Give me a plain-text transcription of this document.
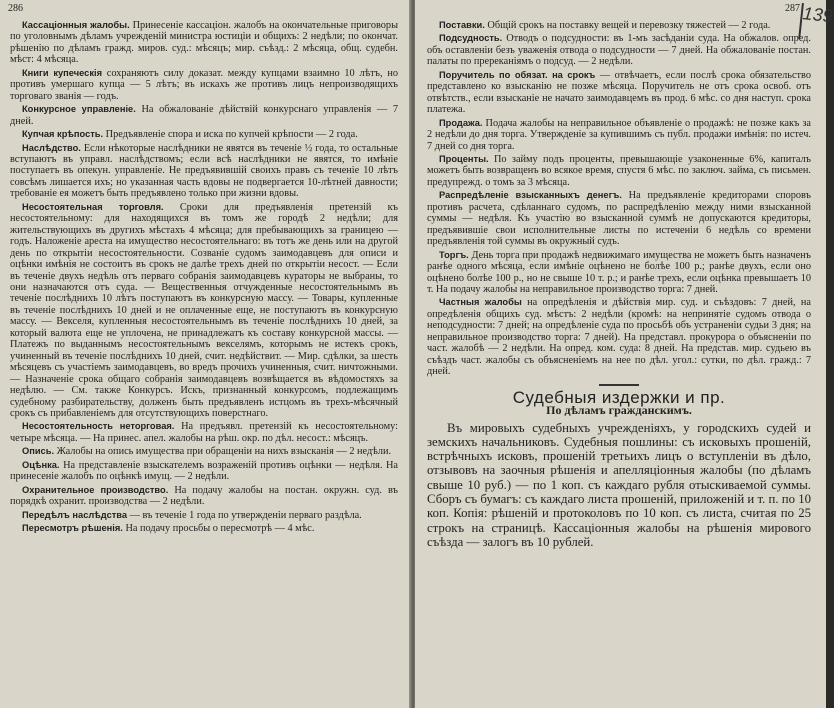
286

Кассаціонныя жалобы. Принесеніе кассаціон. жалобъ на окончательные приговоры по уголовнымъ дѣламъ учрежденій министра юстиціи и общихъ: 2 недѣли; по окончат. рѣшенію по дѣламъ гражд. миров. суд.: мѣсяцъ; мир. съѣзд.: 2 мѣсяца, общ. судебн. мѣст: 4 мѣсяца.

Книги купеческія сохраняютъ силу доказат. между купцами взаимно 10 лѣтъ, но противъ умершаго купца — 5 лѣтъ; въ искахъ же противъ лицъ непроизводящихъ торговаго званія — годъ.

Конкурсное управленіе. На обжалованіе дѣйствій конкурснаго управленія — 7 дней.

Купчая крѣпость. Предъявленіе спора и иска по купчей крѣпости — 2 года.

Наслѣдство. Если нѣкоторые наслѣдники не явятся въ теченіе ½ года, то остальные вступаютъ въ управл. наслѣдствомъ; если всѣ наслѣдники не явятся, то имѣніе поступаетъ въ опекун. управленіе. Не предъявившій своихъ правъ съ теченіе 10 лѣтъ совсѣмъ лишается ихъ; но указанная часть вдовы не подвергается 10-лѣтней давности; требованіе ея можетъ быть предъявлено только при жизни вдовы.

Несостоятельная торговля. Сроки для предъявленія претензій къ несостоятельному: для находящихся въ томъ же городѣ 2 недѣли; для жительствующихъ въ другихъ мѣстахъ 4 мѣсяца; для пребывающихъ за границею — годъ. Наложеніе ареста на имущество несостоятельнаго: въ тотъ же день или на другой день по открытіи несостоятельности. Созваніе судомъ заимодавцевъ для описи и оцѣнки имѣнія не состоитъ въ срокъ не далѣе трехъ дней по открытіи несост. — Если въ теченіе двухъ недѣль отъ перваго собранія заимодавцевъ кураторы не выбраны, то они назначаются отъ суда. — Вещественныя отчужденные несостоятельнымъ въ теченіе послѣднихъ 10 лѣтъ поступаютъ въ конкурсную массу. — Товары, купленные въ теченіе послѣднихъ 10 дней и не оплаченные еще, не поступаютъ въ конкурсную массу. — Векселя, купленныя несостоятельнымъ въ теченіе послѣднихъ 10 дней, за который валюта еще не уплочена, не принадлежатъ къ составу конкурсной массы. — Платежъ по выданнымъ несостоятельнымъ векселямъ, которымъ не истекъ срокъ, учиненный въ теченіе послѣднихъ 10 дней, счит. недѣйствит. — Мир. сдѣлки, за шесть мѣсяцевъ съ участіемъ заимодавцевъ, во вредъ прочихъ учиненныя, счит. ничтожными. — Назначеніе срока общаго собранія заимодавцевъ возвѣщается въ вѣдомостяхъ за недѣлю. — См. также Конкурсъ. Искъ, признанный конкурсомъ, подлежащимъ судебному разбирательству, долженъ быть предъявленъ истцомъ въ трехъ-мѣсячный срокъ съ прибавленіемъ для отсутствующихъ поверстнаго.

Несостоятельность неторговая. На предъявл. претензій къ несостоятельному: четыре мѣсяца. — На принес. апел. жалобы на рѣш. окр. по дѣл. несост.: мѣсяцъ.

Опись. Жалобы на опись имущества при обращеніи на нихъ взысканія — 2 недѣли.

Оцѣнка. На представленіе взыскателемъ возраженій противъ оцѣнки — недѣля. На принесеніе жалобъ по оцѣнкѣ имущ. — 2 недѣли.

Охранительное производство. На подачу жалобы на постан. окружн. суд. въ порядкѣ охранит. производства — 2 недѣли.

Передѣлъ наслѣдства — въ теченіе 1 года по утвержденіи перваго раздѣла.

Пересмотръ рѣшенія. На подачу просьбы о пересмотрѣ — 4 мѣс.

287 139

Поставки. Общій срокъ на поставку вещей и перевозку тяжестей — 2 года.

Подсудность. Отводъ о подсудности: въ 1-мъ засѣданіи суда. На обжалов. опред. объ оставленіи безъ уваженія отвода о подсудности — 7 дней. На обжалованіе постан. палаты по пререканіямъ о подсуд. — 2 недѣли.

Поручитель по обязат. на срокъ — отвѣчаетъ, если послѣ срока обязательство представлено ко взысканію не позже мѣсяца. Поручитель не отъ срока освоб. отъ отвѣтств., если взысканіе не начато заимодавцемъ въ прод. 6 мѣс. со дня наступ. срока платежа.

Продажа. Подача жалобы на неправильное объявленіе о продажѣ: не позже какъ за 2 недѣли до дня торга. Утвержденіе за купившимъ съ публ. продажи имѣнія: по истеч. 7 дней со дня торга.

Проценты. По займу подъ проценты, превышающіе узаконенные 6%, капиталъ можетъ быть возвращенъ во всякое время, спустя 6 мѣс. по заключ. займа, съ письмен. предупрежд. о томъ за 3 мѣсяца.

Распредѣленіе взысканныхъ денегъ. На предъявленіе кредиторами споровъ противъ расчета, сдѣланнаго судомъ, по распредѣленію между ними взысканной суммы — недѣля. Къ участію во взысканной суммѣ не допускаются кредиторы, предъявившіе свои исполнительные листы по истеченіи 6 недѣль со времени предъявленія той суммы въ окружный судъ.

Торгъ. День торга при продажѣ недвижимаго имущества не можетъ быть назначенъ ранѣе одного мѣсяца, если имѣніе оцѣнено не болѣе 100 р.; ранѣе двухъ, если оно оцѣнено болѣе 100 р., но не свыше 10 т. р.; и ранѣе трехъ, если оцѣнка превышаетъ 10 т. На подачу жалобы на неправильное производство торга: 7 дней.

Частныя жалобы на опредѣленія и дѣйствія мир. суд. и съѣздовъ: 7 дней, на опредѣленія общихъ суд. мѣстъ: 2 недѣли (кромѣ: на непринятіе судомъ отвода о неподсудности: 7 дней; на опредѣленіе суда по просьбѣ объ устраненіи судьи 3 дня; на неправильное производство торга: 7 дней). На представл. прокурора о объясненіи по част. жалобѣ — 2 недѣли. На опред. ком. суда: 8 дней. На представ. мир. судьею въ съѣздъ част. жалобы съ объясненіемъ на нее по дѣл. угол.: сутки, по дѣл. гражд.: 7 дней.

Судебныя издержки и пр.
По дѣламъ гражданскимъ.

Въ мировыхъ судебныхъ учрежденіяхъ, у городскихъ судей и земскихъ начальниковъ. Судебныя пошлины: съ исковыхъ прошеній, встрѣчныхъ исковъ, прошеній третьихъ лицъ о вступленіи въ дѣло, отзывовъ на заочныя рѣшенія и апелляціонныя жалобы (по дѣламъ свыше 10 руб.) — по 1 коп. съ каждаго рубля отыскиваемой суммы. Сборъ съ бумагъ: съ каждаго листа прошеній, приложеній и т. п. по 10 коп. Копія: рѣшеній и протоколовъ по 10 коп. съ листа, считая по 25 строкъ на страницѣ. Кассаціонныя жалобы на рѣшенія мирового съѣзда — залогъ въ 10 рублей.
